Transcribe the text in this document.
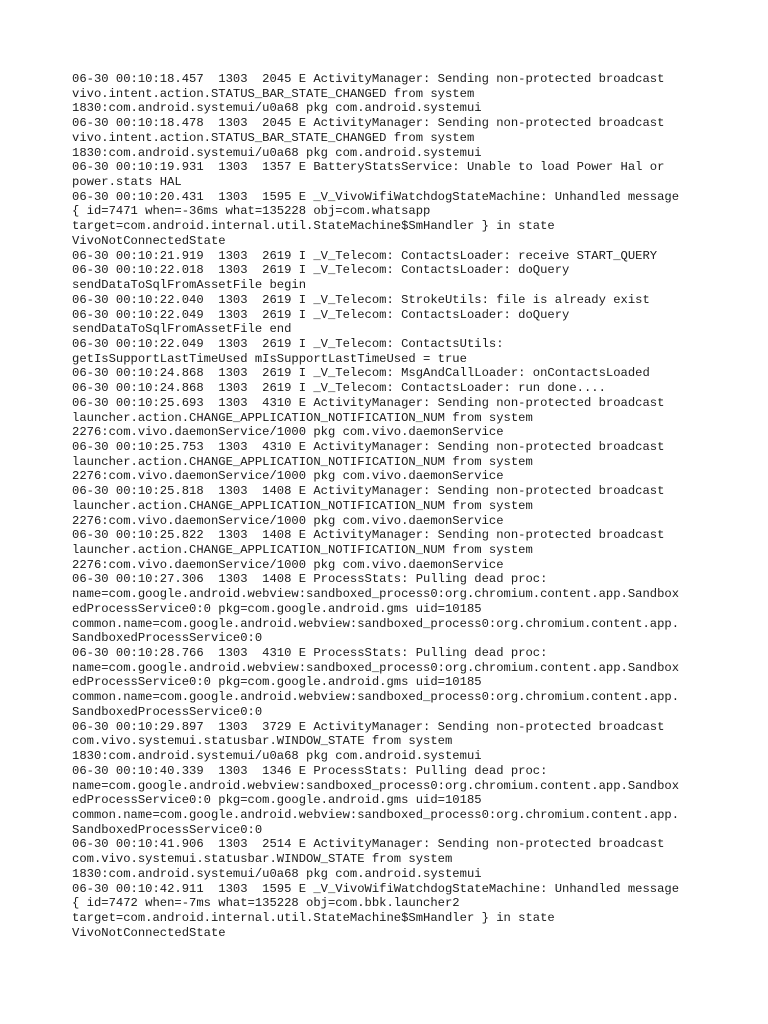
06-30 00:10:18.457  1303  2045 E ActivityManager: Sending non-protected broadcast
vivo.intent.action.STATUS_BAR_STATE_CHANGED from system
1830:com.android.systemui/u0a68 pkg com.android.systemui
06-30 00:10:18.478  1303  2045 E ActivityManager: Sending non-protected broadcast
vivo.intent.action.STATUS_BAR_STATE_CHANGED from system
1830:com.android.systemui/u0a68 pkg com.android.systemui
06-30 00:10:19.931  1303  1357 E BatteryStatsService: Unable to load Power Hal or
power.stats HAL
06-30 00:10:20.431  1303  1595 E _V_VivoWifiWatchdogStateMachine: Unhandled message
{ id=7471 when=-36ms what=135228 obj=com.whatsapp
target=com.android.internal.util.StateMachine$SmHandler } in state
VivoNotConnectedState
06-30 00:10:21.919  1303  2619 I _V_Telecom: ContactsLoader: receive START_QUERY
06-30 00:10:22.018  1303  2619 I _V_Telecom: ContactsLoader: doQuery
sendDataToSqlFromAssetFile begin
06-30 00:10:22.040  1303  2619 I _V_Telecom: StrokeUtils: file is already exist
06-30 00:10:22.049  1303  2619 I _V_Telecom: ContactsLoader: doQuery
sendDataToSqlFromAssetFile end
06-30 00:10:22.049  1303  2619 I _V_Telecom: ContactsUtils:
getIsSupportLastTimeUsed mIsSupportLastTimeUsed = true
06-30 00:10:24.868  1303  2619 I _V_Telecom: MsgAndCallLoader: onContactsLoaded
06-30 00:10:24.868  1303  2619 I _V_Telecom: ContactsLoader: run done....
06-30 00:10:25.693  1303  4310 E ActivityManager: Sending non-protected broadcast
launcher.action.CHANGE_APPLICATION_NOTIFICATION_NUM from system
2276:com.vivo.daemonService/1000 pkg com.vivo.daemonService
06-30 00:10:25.753  1303  4310 E ActivityManager: Sending non-protected broadcast
launcher.action.CHANGE_APPLICATION_NOTIFICATION_NUM from system
2276:com.vivo.daemonService/1000 pkg com.vivo.daemonService
06-30 00:10:25.818  1303  1408 E ActivityManager: Sending non-protected broadcast
launcher.action.CHANGE_APPLICATION_NOTIFICATION_NUM from system
2276:com.vivo.daemonService/1000 pkg com.vivo.daemonService
06-30 00:10:25.822  1303  1408 E ActivityManager: Sending non-protected broadcast
launcher.action.CHANGE_APPLICATION_NOTIFICATION_NUM from system
2276:com.vivo.daemonService/1000 pkg com.vivo.daemonService
06-30 00:10:27.306  1303  1408 E ProcessStats: Pulling dead proc:
name=com.google.android.webview:sandboxed_process0:org.chromium.content.app.Sandbox
edProcessService0:0 pkg=com.google.android.gms uid=10185
common.name=com.google.android.webview:sandboxed_process0:org.chromium.content.app.
SandboxedProcessService0:0
06-30 00:10:28.766  1303  4310 E ProcessStats: Pulling dead proc:
name=com.google.android.webview:sandboxed_process0:org.chromium.content.app.Sandbox
edProcessService0:0 pkg=com.google.android.gms uid=10185
common.name=com.google.android.webview:sandboxed_process0:org.chromium.content.app.
SandboxedProcessService0:0
06-30 00:10:29.897  1303  3729 E ActivityManager: Sending non-protected broadcast
com.vivo.systemui.statusbar.WINDOW_STATE from system
1830:com.android.systemui/u0a68 pkg com.android.systemui
06-30 00:10:40.339  1303  1346 E ProcessStats: Pulling dead proc:
name=com.google.android.webview:sandboxed_process0:org.chromium.content.app.Sandbox
edProcessService0:0 pkg=com.google.android.gms uid=10185
common.name=com.google.android.webview:sandboxed_process0:org.chromium.content.app.
SandboxedProcessService0:0
06-30 00:10:41.906  1303  2514 E ActivityManager: Sending non-protected broadcast
com.vivo.systemui.statusbar.WINDOW_STATE from system
1830:com.android.systemui/u0a68 pkg com.android.systemui
06-30 00:10:42.911  1303  1595 E _V_VivoWifiWatchdogStateMachine: Unhandled message
{ id=7472 when=-7ms what=135228 obj=com.bbk.launcher2
target=com.android.internal.util.StateMachine$SmHandler } in state
VivoNotConnectedState
